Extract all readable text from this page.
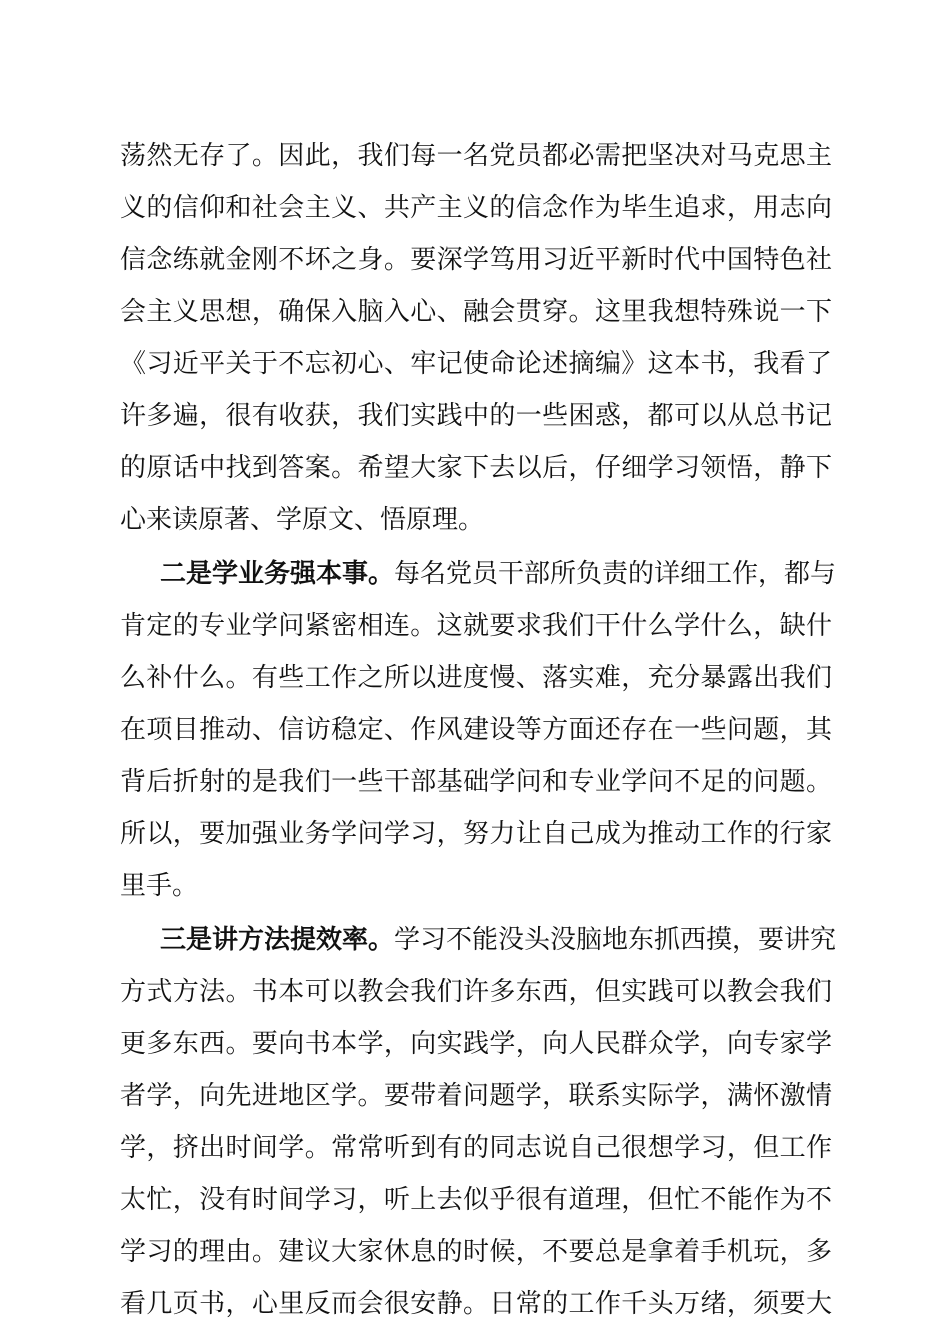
荡然无存了。因此，我们每一名党员都必需把坚决对马克思主
义的信仰和社会主义、共产主义的信念作为毕生追求，用志向
信念练就金刚不坏之身。要深学笃用习近平新时代中国特色社
会主义思想，确保入脑入心、融会贯穿。这里我想特殊说一下
《习近平关于不忘初心、牢记使命论述摘编》这本书，我看了
许多遍，很有收获，我们实践中的一些困惑，都可以从总书记
的原话中找到答案。希望大家下去以后，仔细学习领悟，静下
心来读原著、学原文、悟原理。
二是学业务强本事。每名党员干部所负责的详细工作，都与
肯定的专业学问紧密相连。这就要求我们干什么学什么，缺什
么补什么。有些工作之所以进度慢、落实难，充分暴露出我们
在项目推动、信访稳定、作风建设等方面还存在一些问题，其
背后折射的是我们一些干部基础学问和专业学问不足的问题。
所以，要加强业务学问学习，努力让自己成为推动工作的行家
里手。
三是讲方法提效率。学习不能没头没脑地东抓西摸，要讲究
方式方法。书本可以教会我们许多东西，但实践可以教会我们
更多东西。要向书本学，向实践学，向人民群众学，向专家学
者学，向先进地区学。要带着问题学，联系实际学，满怀激情
学，挤出时间学。常常听到有的同志说自己很想学习，但工作
太忙，没有时间学习，听上去似乎很有道理，但忙不能作为不
学习的理由。建议大家休息的时候，不要总是拿着手机玩，多
看几页书，心里反而会很安静。日常的工作千头万绪，须要大
